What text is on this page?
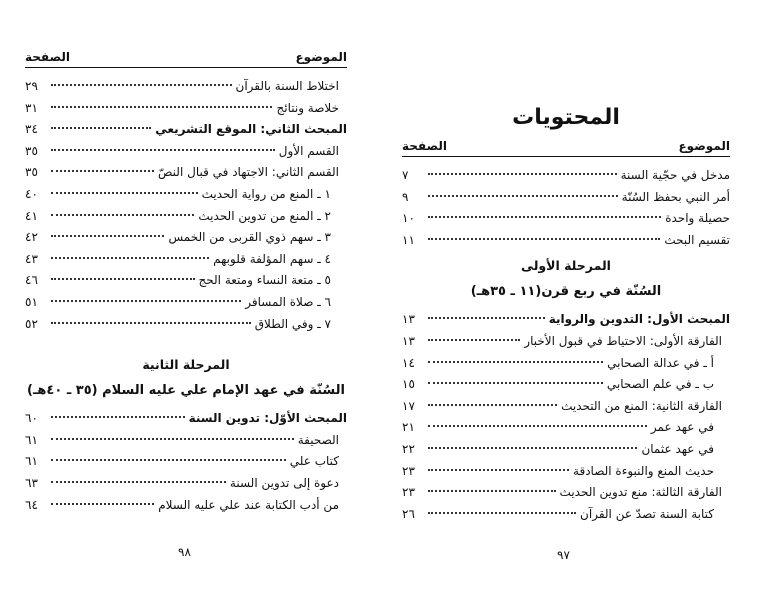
الموضوع
الصفحة
اختلاط السنة بالقرآن
٢٩
خلاصة ونتائج
٣١
المبحث الثاني: الموقع التشريعي
٣٤
القسم الأول
٣٥
القسم الثاني: الاجتهاد في قبال النصّ
٣٥
١ ـ المنع من رواية الحديث
٤٠
٢ ـ المنع من تدوين الحديث
٤١
٣ ـ سهم ذوي القربى من الخمس
٤٢
٤ ـ سهم المؤلفة قلوبهم
٤٣
٥ ـ متعة النساء ومتعة الحج
٤٦
٦ ـ صلاة المسافر
٥١
٧ ـ وفي الطلاق
٥٢
المرحلة الثانية
السُنّة في عهد الإمام علي عليه السلام (٣٥ ـ ٤٠هـ)
المبحث الأوّل: تدوين السنة
٦٠
الصحيفة
٦١
كتاب علي
٦١
دعوة إلى تدوين السنة
٦٣
من أدب الكتابة عند علي عليه السلام
٦٤
٩٨
المحتويات
الموضوع
الصفحة
مدخل في حجّية السنة
٧
أمر النبي بحفظ السُنّة
٩
حصيلة واحدة
١٠
تقسيم البحث
١١
المرحلة الأولى
السُنّة في ربع قرن(١١ ـ ٣٥هـ)
المبحث الأول: التدوين والرواية
١٣
الفارقة الأولى: الاحتياط في قبول الأخبار
١٣
أ ـ في عدالة الصحابي
١٤
ب ـ في علم الصحابي
١٥
الفارقة الثانية: المنع من التحديث
١٧
في عهد عمر
٢١
في عهد عثمان
٢٢
حديث المنع والنبوءة الصادقة
٢٣
الفارقة الثالثة: منع تدوين الحديث
٢٣
كتابة السنة تصدّ عن القرآن
٢٦
٩٧
